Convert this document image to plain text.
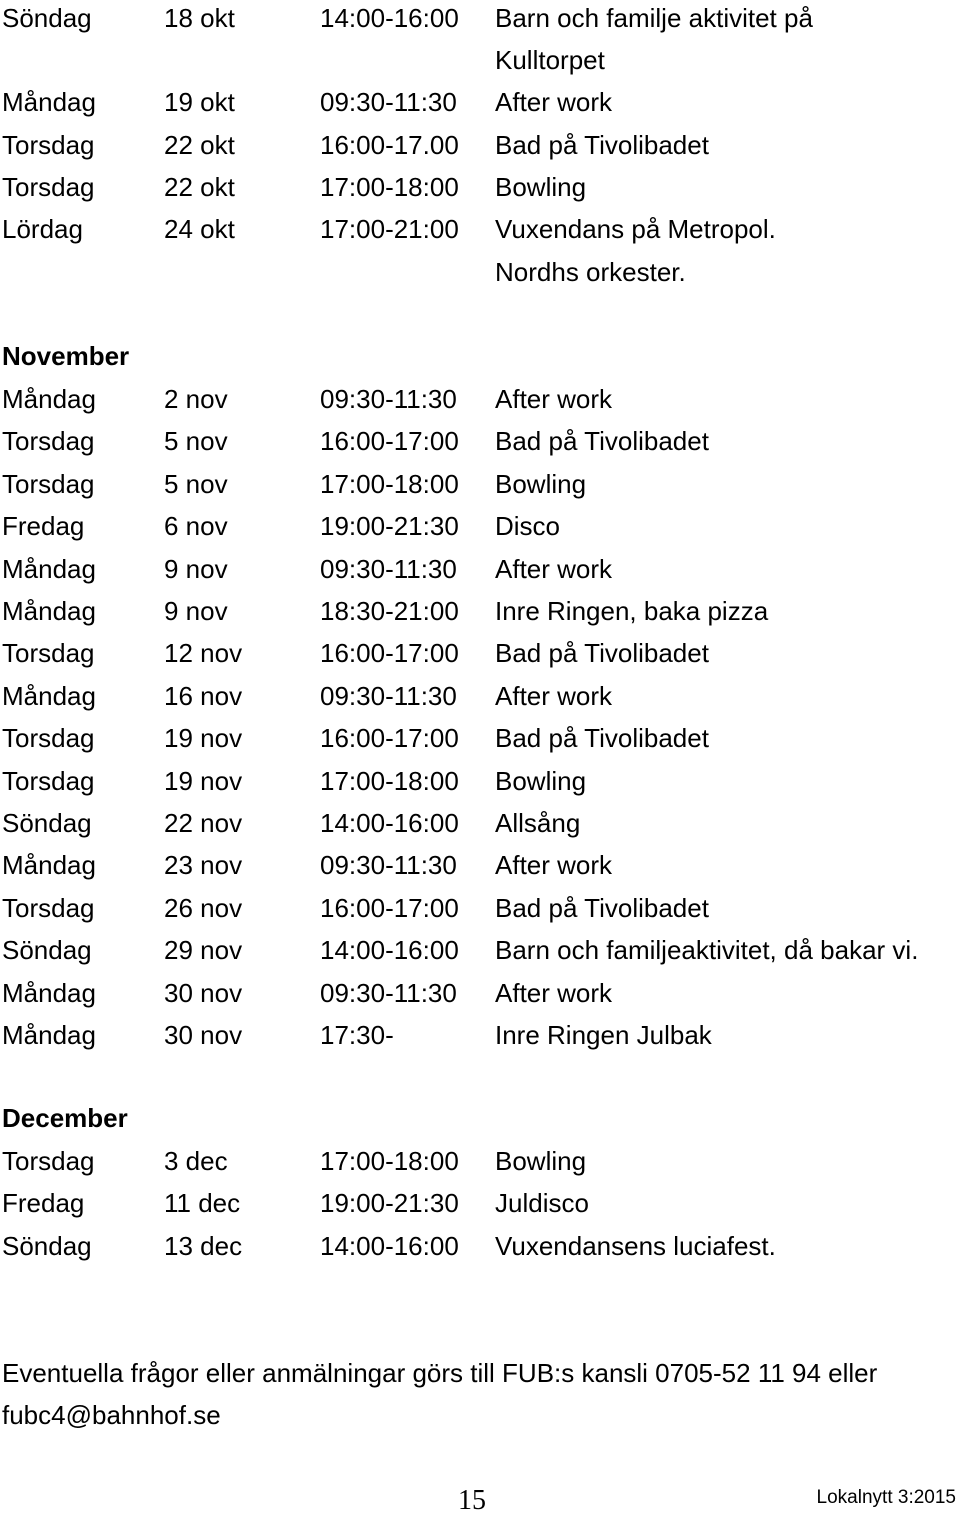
Söndag	18 okt	14:00-16:00 Barn och familje aktivitet på
Kulltorpet
Måndag	19 okt	09:30-11:30 After work
Torsdag	22 okt	16:00-17.00 Bad på Tivolibadet
Torsdag	22 okt	17:00-18:00 Bowling
Lördag	24 okt	17:00-21:00 Vuxendans på Metropol.
Nordhs orkester.
November
Måndag	2 nov	09:30-11:30 After work
Torsdag	5 nov	16:00-17:00 Bad på Tivolibadet
Torsdag	5 nov	17:00-18:00 Bowling
Fredag	6 nov	19:00-21:30 Disco
Måndag	9 nov	09:30-11:30 After work
Måndag	9 nov	18:30-21:00 Inre Ringen, baka pizza
Torsdag	12 nov	16:00-17:00 Bad på Tivolibadet
Måndag	16 nov	09:30-11:30 After work
Torsdag	19 nov	16:00-17:00 Bad på Tivolibadet
Torsdag	19 nov	17:00-18:00 Bowling
Söndag	22 nov	14:00-16:00 Allsång
Måndag	23 nov	09:30-11:30 After work
Torsdag	26 nov	16:00-17:00 Bad på Tivolibadet
Söndag	29 nov	14:00-16:00 Barn och familjeaktivitet, då bakar vi.
Måndag	30 nov	09:30-11:30 After work
Måndag	30 nov	17:30-	Inre Ringen Julbak
December
Torsdag	3 dec	17:00-18:00 Bowling
Fredag	11 dec	19:00-21:30 Juldisco
Söndag	13 dec	14:00-16:00 Vuxendansens luciafest.
Eventuella frågor eller anmälningar görs till FUB:s kansli 0705-52 11 94 eller
fubc4@bahnhof.se
15	Lokalnytt 3:2015
